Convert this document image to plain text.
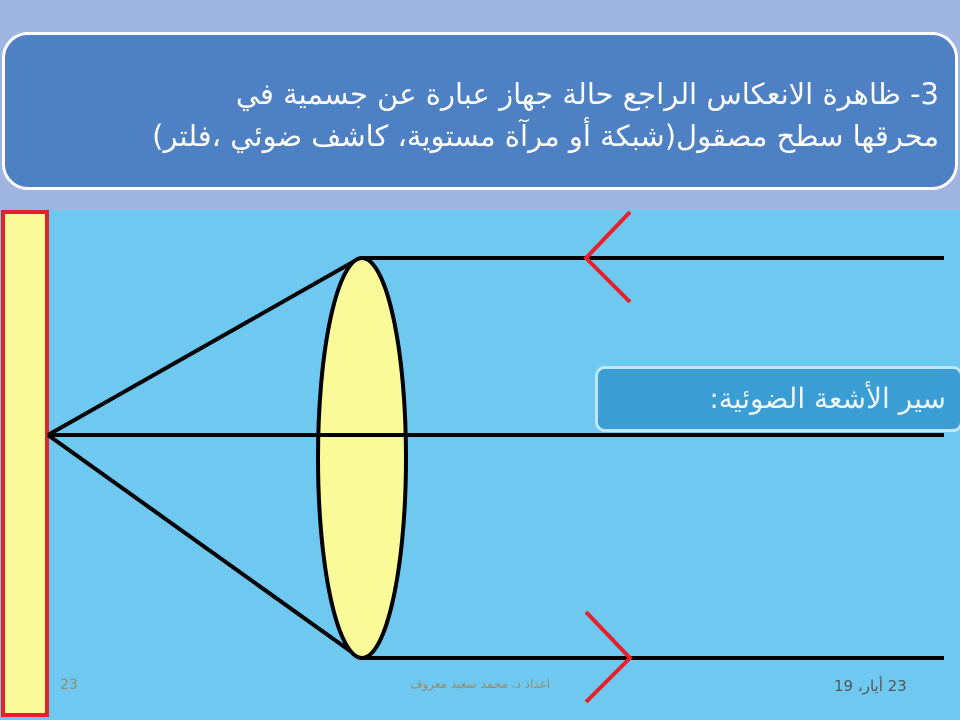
3- ظاهرة الانعكاس الراجع حالة جهاز عبارة عن جسمية في
محرقها سطح مصقول(شبكة أو مرآة مستوية، كاشف ضوئي ،فلتر)
سير الأشعة الضوئية:
23 أيار، 19
اعداد د. محمد سعيد معروف
23
